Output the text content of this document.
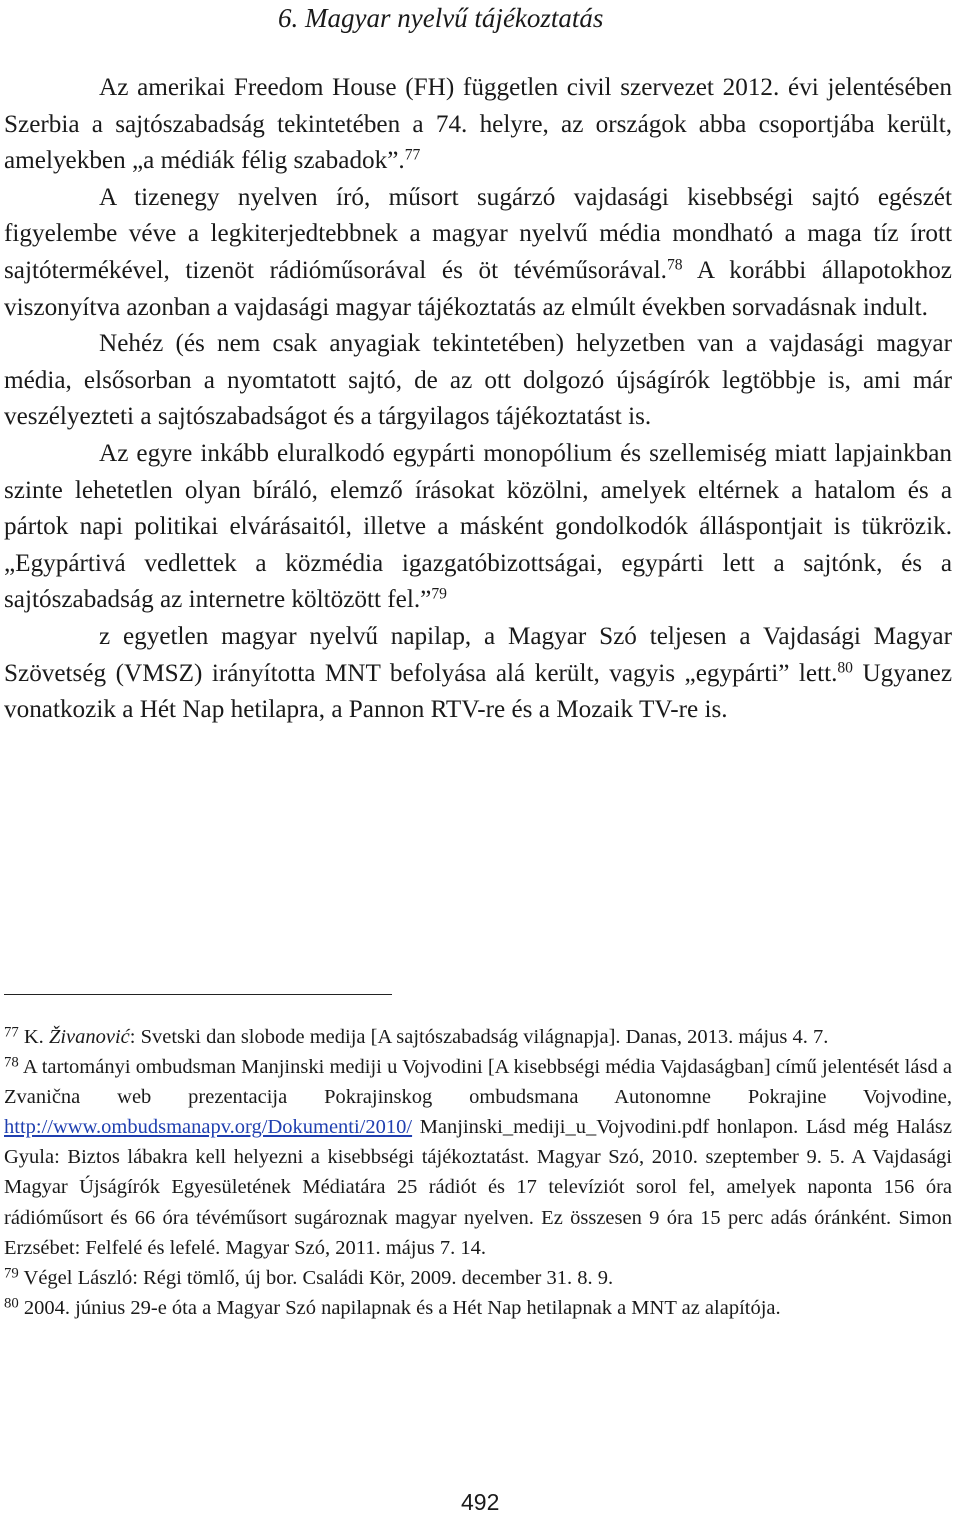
6. Magyar nyelvű tájékoztatás

Az amerikai Freedom House (FH) független civil szervezet 2012. évi jelentésében Szerbia a sajtószabadság tekintetében a 74. helyre, az országok abba csoportjába került, amelyekben „a médiák félig szabadok”.$^{77}$

A tizenegy nyelven író, műsort sugárzó vajdasági kisebbségi sajtó egészét figyelembe véve a legkiterjedtebbnek a magyar nyelvű média mondható a maga tíz írott sajtótermékével, tizenöt rádióműsorával és öt tévéműsorával.$^{78}$ A korábbi állapotokhoz viszonyítva azonban a vajdasági magyar tájékoztatás az elmúlt években sorvadásnak indult.

Nehéz (és nem csak anyagiak tekintetében) helyzetben van a vajdasági magyar média, elsősorban a nyomtatott sajtó, de az ott dolgozó újságírók legtöbbje is, ami már veszélyezteti a sajtószabadságot és a tárgyilagos tájékoztatást is.

Az egyre inkább eluralkodó egypárti monopólium és szellemiség miatt lapjainkban szinte lehetetlen olyan bíráló, elemző írásokat közölni, amelyek eltérnek a hatalom és a pártok napi politikai elvárásaitól, illetve a másként gondolkodók álláspontjait is tükrözik. „Egypártivá vedlettek a közmédia igazgatóbizottságai, egypárti lett a sajtónk, és a sajtószabadság az internetre költözött fel.”$^{79}$

z egyetlen magyar nyelvű napilap, a Magyar Szó teljesen a Vajdasági Magyar Szövetség (VMSZ) irányította MNT befolyása alá került, vagyis „egypárti” lett.$^{80}$ Ugyanez vonatkozik a Hét Nap hetilapra, a Pannon RTV-re és a Mozaik TV-re is.

$^{77}$ K. Živanović: Svetski dan slobode medija [A sajtószabadság világnapja]. Danas, 2013. május 4. 7.

$^{78}$ A tartományi ombudsman Manjinski mediji u Vojvodini [A kisebbségi média Vajdaságban] című jelentését lásd a Zvanična web prezentacija Pokrajinskog ombudsmana Autonomne Pokrajine Vojvodine, http://www.ombudsmanapv.org/Dokumenti/2010/ Manjinski_mediji_u_Vojvodini.pdf honlapon. Lásd még Halász Gyula: Biztos lábakra kell helyezni a kisebbségi tájékoztatást. Magyar Szó, 2010. szeptember 9. 5. A Vajdasági Magyar Újságírók Egyesületének Médiatára 25 rádiót és 17 televíziót sorol fel, amelyek naponta 156 óra rádióműsort és 66 óra tévéműsort sugároznak magyar nyelven. Ez összesen 9 óra 15 perc adás óránként. Simon Erzsébet: Felfelé és lefelé. Magyar Szó, 2011. május 7. 14.

$^{79}$ Végel László: Régi tömlő, új bor. Családi Kör, 2009. december 31. 8. 9.

$^{80}$ 2004. június 29-e óta a Magyar Szó napilapnak és a Hét Nap hetilapnak a MNT az alapítója.

492
